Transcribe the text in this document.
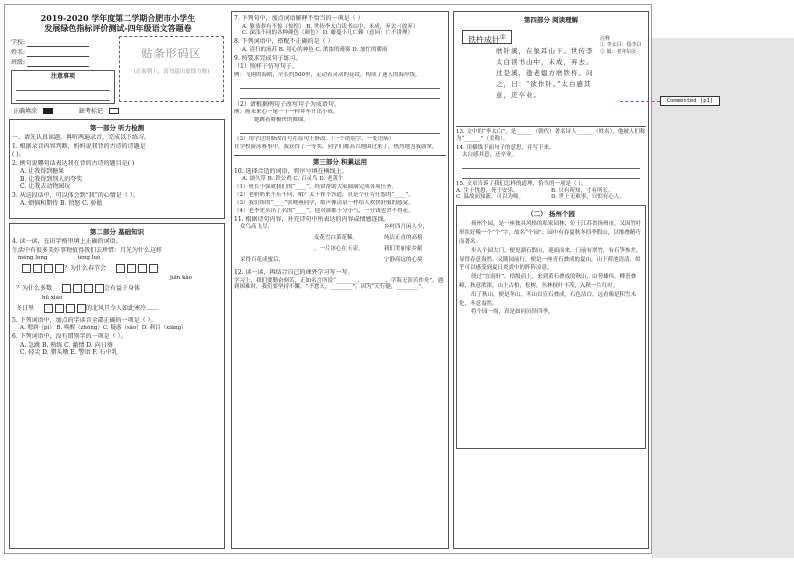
2019-2020 学年度第二学期合肥市小学生
发展绿色指标评价测试-四年级语文答题卷
学校:
姓名:
班级:
贴条形码区
(正面朝上，请勿超出虚线方框)
注意事项
正确填涂	缺考标记
第一部分 听力检测
一、请先认真读题，再听两遍录音，完成以下练习。
1. 根据录音内容判断，妈妈说我背的古诗的诗题是
( )。
2. 例句说哪句话表达我在背的古诗的题目是( )
A. 让我得到糖果
B. 让我得到别人的夸奖
C. 让我去动物园玩
3. 从这段话中，可以体会到“我”的心情是（ ）。
A. 烦恼和期待 B. 悄怒 C. 骄傲
第二部分 基础知识
4. 读一读，在田字格里填上正确的词语。
生活中有很多美好事物值得我们去珍惜：月光为什么这样
měng lóng	téng luò
？为什么春节会
jiān kǎo
？为什么多数	会有益于身体
hū xiào
冬日里	的北风只令人如此寒冷……
5. 下列词语中，加点的字读音全部正确的一项是（ ）。
A. 嗯到（pí） B. 唤醒（zhōng）C. 疑惑（sāo）D. 刺目（xiāng）
6. 下列词语中，没有错别字的一项是（ ）。
A. 急跳 B. 熟练 C. 激情 D. 向日葵
C. 轻尖 D. 猎头墩 E. 警语 F. 石中乳
7. 下列句中，加点词语解释不恰当的一项是（ ）
A. 躯恭恭有不惊（惊惶） B. 世传李太白读书山中，未成，弃去（放弃）
C. 深浅不同的各种颜色（颜色） D. 藤蔓小儿亡赖（意同：亡不讲理）
8. 下列词语中，搭配不正确的是（ ）
A. 清扫的流苏 B. 用心的神色 C. 浓浓的薄雾 D. 加忙的暖雨
9. 按要求完成句子练习。
（1）照样子仿写句子。
例：飞翔的海鸥，全长约500里，走动着灵动的花纹，构成了迷人的海岸线。
（2）请根据例句子改写句子为成语句。
例：画未来心一尾一千一样拜车升出小成。
她跳着舞极快的舞曲。
（3）用学过的修改符号在原句上修改。（一个错别字，一处语病）
在学校游泳赛事中，我获得了一等奖，同学们都高兴地围过来了，热烈地为我鼓掌，
第三部分 积累运用
10. 选择合适的词语，将序号填在横线上。
A. 颂久草 B. 铁公鸡 C. 百灵鸟 D. 老黄牛
（1）班长小强就我们的“____”，经常帮助大家圆满完成各项任务。
（2）老奶奶来不乐不问，哦？关于作不答道，真是个任劳任怨的“____”。
（3）我们组的“____”张晓燕同学，歌声像清泉一样给人欢快舒服的感觉。
（4）老李先头出了名的“____”，他对谁都十分小气，一分钱也舍不得花。
11. 根据诗句内容，补充诗句中所表达的内容或情感连线。
众鸟高飞尽，	乡村四月闲人少，
麦花雪白菜花稀。	纯洁正直的高格
，一片冰心在玉壶。	我们美丽家乡献
采得百花成蜜后，	宁静高远的心境
12. 读一读，再结合自己的课外学习写一写。
学习上，我们要勤奋刻苦，正如名言所说“________，________，学海无涯苦作舟”，遇到困难时，我们要坚持不懈，“不怠天，________”，因为“天行健，________”。
第四部分 阅读理解
铁杵成针①
磨针溪，在象耳山下。世传李太白读书山中，未成，弃去。过是溪，逢老媪方磨铁杵。问之，曰：“欲作针。”太白感其意，还卒业。
注释
① 李太白：指李白
② 媪：老年妇女
13. 文中的“李太白”，是______（朝代）著名诗人______（姓名），他被人们称为“______”（美称）。
14. 用横线下面句子的意思，并写下来。
太白感其意，还卒业。
15. 文章告诉了我们怎样的道理，恰当的一项是（ ）。
A. 生于忧患，死于安乐。	B. 只有所知，寸有所长。
C. 温故而知新，可以为师。	D. 世上无难事，只怕有心人。
（二） 扬州个园
扬州个园，是一座独具风格的私家园林，位于江苏省扬州市，又因竹叶形状好像一个“个”字，故名“个园”。园中有春夏秋冬四季假山，以堆叠精巧而著名。
步入个园大门，便见湖石假山，迎面而来，门前有翠竹，有石笋参差，显得春意盎然。又随园前行，便是一座青石叠成的夏山，山下荷池清清，似乎可以感受到夏日炎炎中的阵阵凉意。
绕过“宜雨轩”，拾级而上，来到黄石叠成的秋山，山势雄伟，峰峦叠嶂，秋意浓浓，山上古柏、松树，丛林枝叶丰茂，入秋一片红叶。
出了秋山，便是冬山，冬山以宣石叠成，石色洁白，远看像是积雪未化，冬意盎然。
将个园一周，真是如同历经四季。
Commented [p1]
